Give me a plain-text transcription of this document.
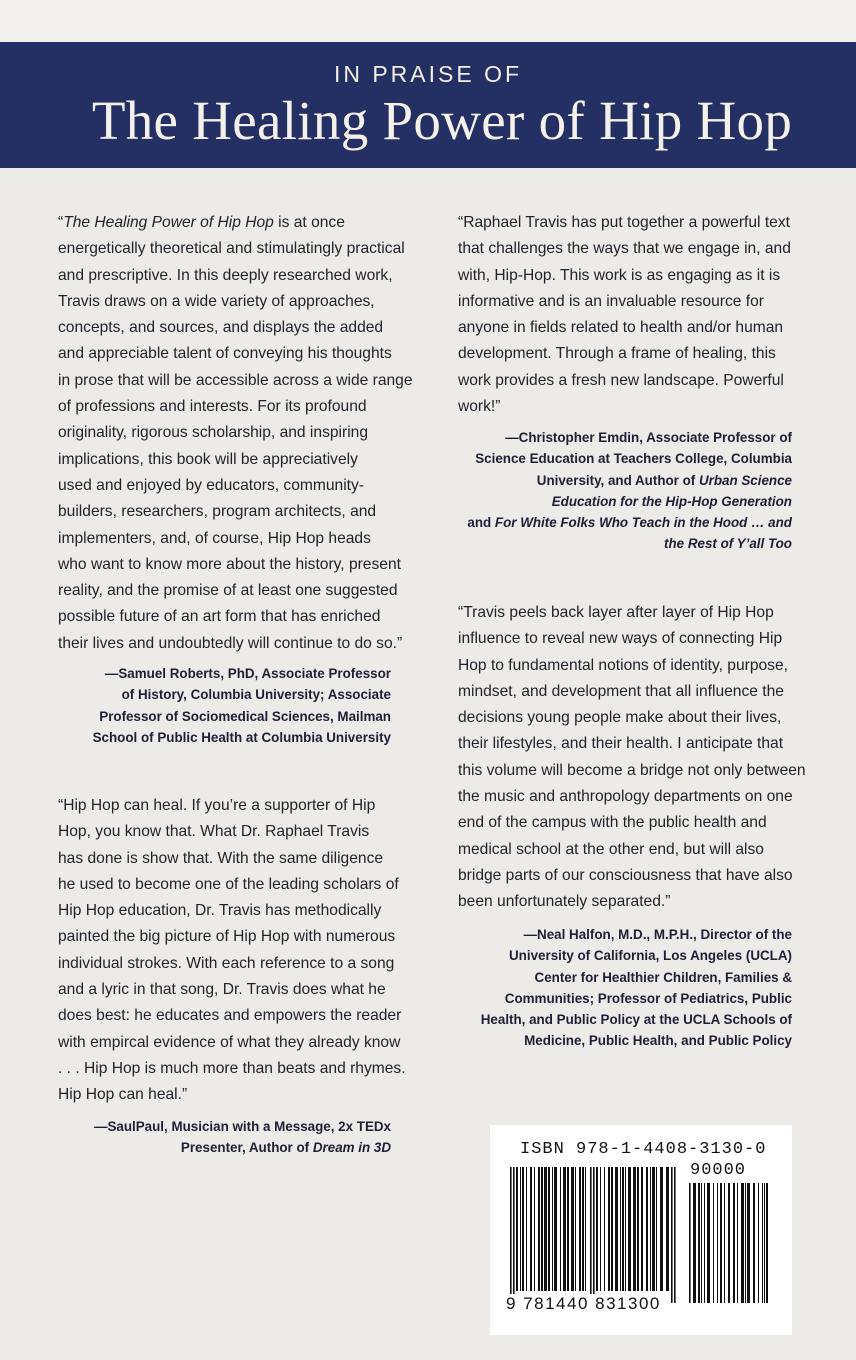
IN PRAISE OF
The Healing Power of Hip Hop
“The Healing Power of Hip Hop is at once
energetically theoretical and stimulatingly practical
and prescriptive. In this deeply researched work,
Travis draws on a wide variety of approaches,
concepts, and sources, and displays the added
and appreciable talent of conveying his thoughts
in prose that will be accessible across a wide range
of professions and interests. For its profound
originality, rigorous scholarship, and inspiring
implications, this book will be appreciatively
used and enjoyed by educators, community-
builders, researchers, program architects, and
implementers, and, of course, Hip Hop heads
who want to know more about the history, present
reality, and the promise of at least one suggested
possible future of an art form that has enriched
their lives and undoubtedly will continue to do so.”
—Samuel Roberts, PhD, Associate Professor
of History, Columbia University; Associate
Professor of Sociomedical Sciences, Mailman
School of Public Health at Columbia University
“Hip Hop can heal. If you’re a supporter of Hip
Hop, you know that. What Dr. Raphael Travis
has done is show that. With the same diligence
he used to become one of the leading scholars of
Hip Hop education, Dr. Travis has methodically
painted the big picture of Hip Hop with numerous
individual strokes. With each reference to a song
and a lyric in that song, Dr. Travis does what he
does best: he educates and empowers the reader
with empircal evidence of what they already know
. . . Hip Hop is much more than beats and rhymes.
Hip Hop can heal.”
—SaulPaul, Musician with a Message, 2x TEDx
Presenter, Author of Dream in 3D
“Raphael Travis has put together a powerful text
that challenges the ways that we engage in, and
with, Hip-Hop. This work is as engaging as it is
informative and is an invaluable resource for
anyone in fields related to health and/or human
development. Through a frame of healing, this
work provides a fresh new landscape. Powerful
work!”
—Christopher Emdin, Associate Professor of
Science Education at Teachers College, Columbia
University, and Author of Urban Science
Education for the Hip-Hop Generation
and For White Folks Who Teach in the Hood … and
the Rest of Y’all Too
“Travis peels back layer after layer of Hip Hop
influence to reveal new ways of connecting Hip
Hop to fundamental notions of identity, purpose,
mindset, and development that all influence the
decisions young people make about their lives,
their lifestyles, and their health. I anticipate that
this volume will become a bridge not only between
the music and anthropology departments on one
end of the campus with the public health and
medical school at the other end, but will also
bridge parts of our consciousness that have also
been unfortunately separated.”
—Neal Halfon, M.D., M.P.H., Director of the
University of California, Los Angeles (UCLA)
Center for Healthier Children, Families &
Communities; Professor of Pediatrics, Public
Health, and Public Policy at the UCLA Schools of
Medicine, Public Health, and Public Policy
ISBN 978-1-4408-3130-0
90000
9 781440 831300
